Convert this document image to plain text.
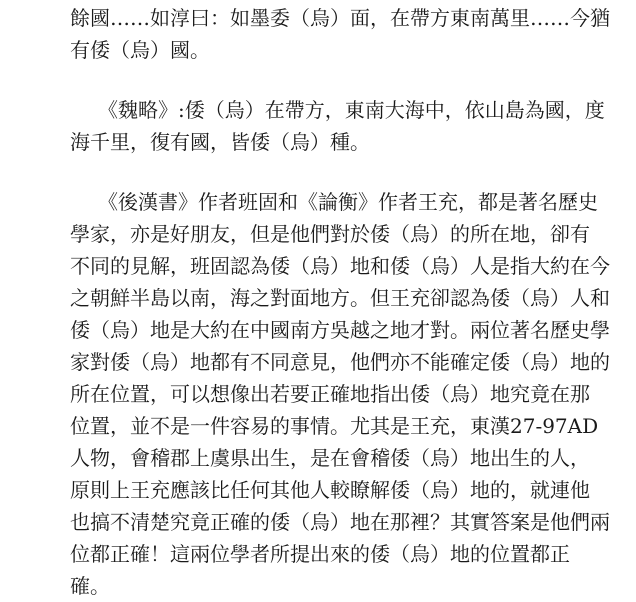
餘國……如淳曰：如墨委（烏）面，在帶方東南萬里……今猶
有倭（烏）國。
《魏略》:倭（烏）在帶方，東南大海中，依山島為國，度
海千里，復有國，皆倭（烏）種。
《後漢書》作者班固和《論衡》作者王充，都是著名歷史
學家，亦是好朋友，但是他們對於倭（烏）的所在地，卻有
不同的見解，班固認為倭（烏）地和倭（烏）人是指大約在今
之朝鮮半島以南，海之對面地方。但王充卻認為倭（烏）人和
倭（烏）地是大約在中國南方吳越之地才對。兩位著名歷史學
家對倭（烏）地都有不同意見，他們亦不能確定倭（烏）地的
所在位置，可以想像出若要正確地指出倭（烏）地究竟在那
位置，並不是一件容易的事情。尤其是王充，東漢27-97AD
人物，會稽郡上虞県出生，是在會稽倭（烏）地出生的人，
原則上王充應該比任何其他人較瞭解倭（烏）地的，就連他
也搞不清楚究竟正確的倭（烏）地在那裡？其實答案是他們兩
位都正確！這兩位學者所提出來的倭（烏）地的位置都正
確。
